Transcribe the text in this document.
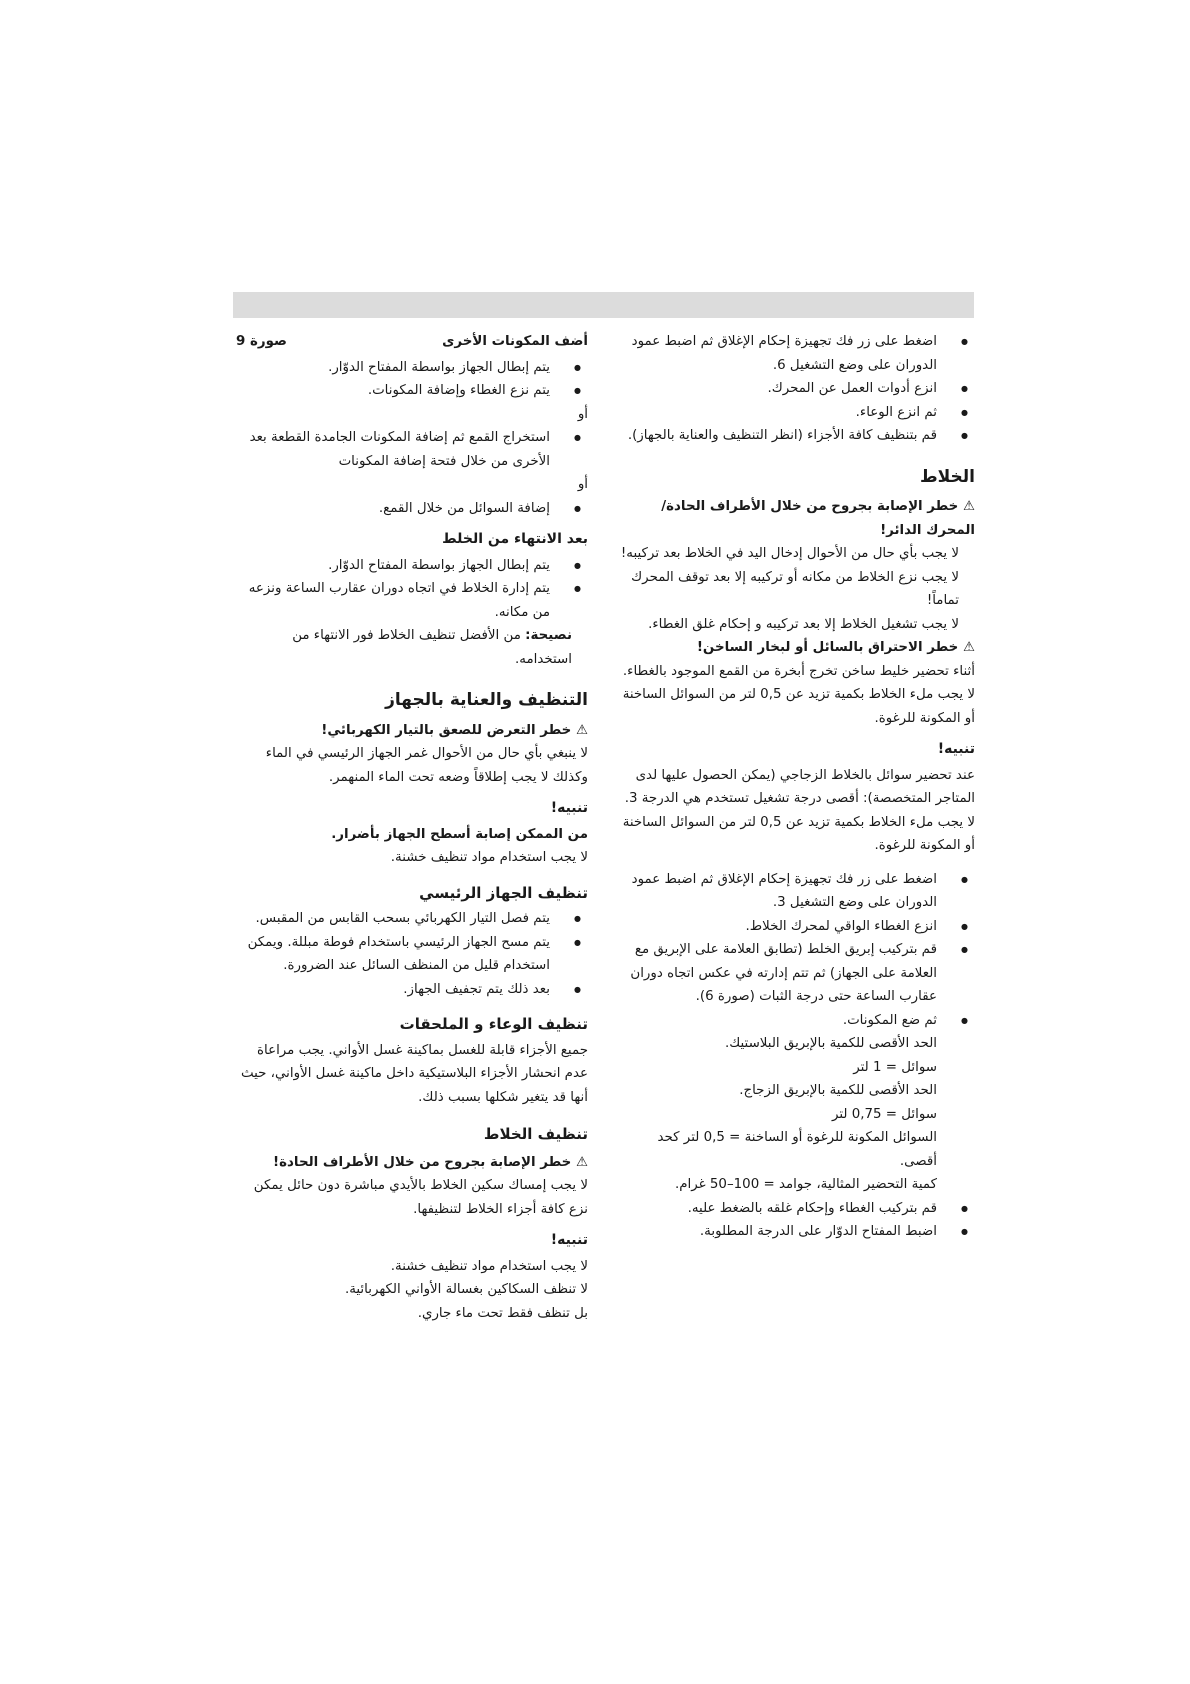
● اضغط على زر فك تجهيزة إحكام الإغلاق ثم اضبط عمود الدوران على وضع التشغيل 6.
● انزع أدوات العمل عن المحرك.
● ثم انزع الوعاء.
● قم بتنظيف كافة الأجزاء (انظر التنظيف والعناية بالجهاز).
الخلاط

⚠ خطر الإصابة بجروح من خلال الأطراف الحادة/المحرك الدائر!

لا يجب بأي حال من الأحوال إدخال اليد في الخلاط بعد تركيبه! لا يجب نزع الخلاط من مكانه أو تركيبه إلا بعد توقف المحرك تماماً!

لا يجب تشغيل الخلاط إلا بعد تركيبه و إحكام غلق الغطاء.

⚠ خطر الاحتراق بالسائل أو لبخار الساخن!

أثناء تحضير خليط ساخن تخرج أبخرة من القمع الموجود بالغطاء. لا يجب ملء الخلاط بكمية تزيد عن 0,5 لتر من السوائل الساخنة أو المكونة للرغوة.

تنبيه!

عند تحضير سوائل بالخلاط الزجاجي (يمكن الحصول عليها لدى المتاجر المتخصصة): أقصى درجة تشغيل تستخدم هي الدرجة 3.

لا يجب ملء الخلاط بكمية تزيد عن 0,5 لتر من السوائل الساخنة أو المكونة للرغوة.

● اضغط على زر فك تجهيزة إحكام الإغلاق ثم اضبط عمود الدوران على وضع التشغيل 3.
● انزع الغطاء الواقي لمحرك الخلاط.
● قم بتركيب إبريق الخلط (تطابق العلامة على الإبريق مع العلامة على الجهاز) ثم تتم إدارته في عكس اتجاه دوران عقارب الساعة حتى درجة الثبات (صورة 6).
● ثم ضع المكونات.

الحد الأقصى للكمية بالإبريق البلاستيك.

سوائل = 1 لتر

الحد الأقصى للكمية بالإبريق الزجاج.

سوائل = 0,75 لتر

السوائل المكونة للرغوة أو الساخنة = 0,5 لتر كحد أقصى.

كمية التحضير المثالية، جوامد = 100–50 غرام.

● قم بتركيب الغطاء وإحكام غلقه بالضغط عليه.
● اضبط المفتاح الدوّار على الدرجة المطلوبة.
أضف المكونات الأخرى
صورة 9
● يتم إبطال الجهاز بواسطة المفتاح الدوّار.
● يتم نزع الغطاء وإضافة المكونات.

أو

● استخراج القمع ثم إضافة المكونات الجامدة القطعة بعد الأخرى من خلال فتحة إضافة المكونات

أو

● إضافة السوائل من خلال القمع.
بعد الانتهاء من الخلط
● يتم إبطال الجهاز بواسطة المفتاح الدوّار.
● يتم إدارة الخلاط في اتجاه دوران عقارب الساعة ونزعه من مكانه.

نصيحة: من الأفضل تنظيف الخلاط فور الانتهاء من استخدامه.

التنظيف والعناية بالجهاز

⚠ خطر التعرض للصعق بالتيار الكهربائي!

لا ينبغي بأي حال من الأحوال غمر الجهاز الرئيسي في الماء وكذلك لا يجب إطلاقاً وضعه تحت الماء المنهمر.

تنبيه!

من الممكن إصابة أسطح الجهاز بأضرار.

لا يجب استخدام مواد تنظيف خشنة.

تنظيف الجهاز الرئيسي
● يتم فصل التيار الكهربائي بسحب القابس من المقبس.
● يتم مسح الجهاز الرئيسي باستخدام فوطة مبللة. ويمكن استخدام قليل من المنظف السائل عند الضرورة.
● بعد ذلك يتم تجفيف الجهاز.
تنظيف الوعاء و الملحقات

جميع الأجزاء قابلة للغسل بماكينة غسل الأواني. يجب مراعاة عدم انحشار الأجزاء البلاستيكية داخل ماكينة غسل الأواني، حيث أنها قد يتغير شكلها بسبب ذلك.

تنظيف الخلاط

⚠ خطر الإصابة بجروح من خلال الأطراف الحادة!

لا يجب إمساك سكين الخلاط بالأيدي مباشرة دون حائل يمكن نزع كافة أجزاء الخلاط لتنظيفها.

تنبيه!

لا يجب استخدام مواد تنظيف خشنة.

لا تنظف السكاكين بغسالة الأواني الكهربائية.

بل تنظف فقط تحت ماء جاري.
